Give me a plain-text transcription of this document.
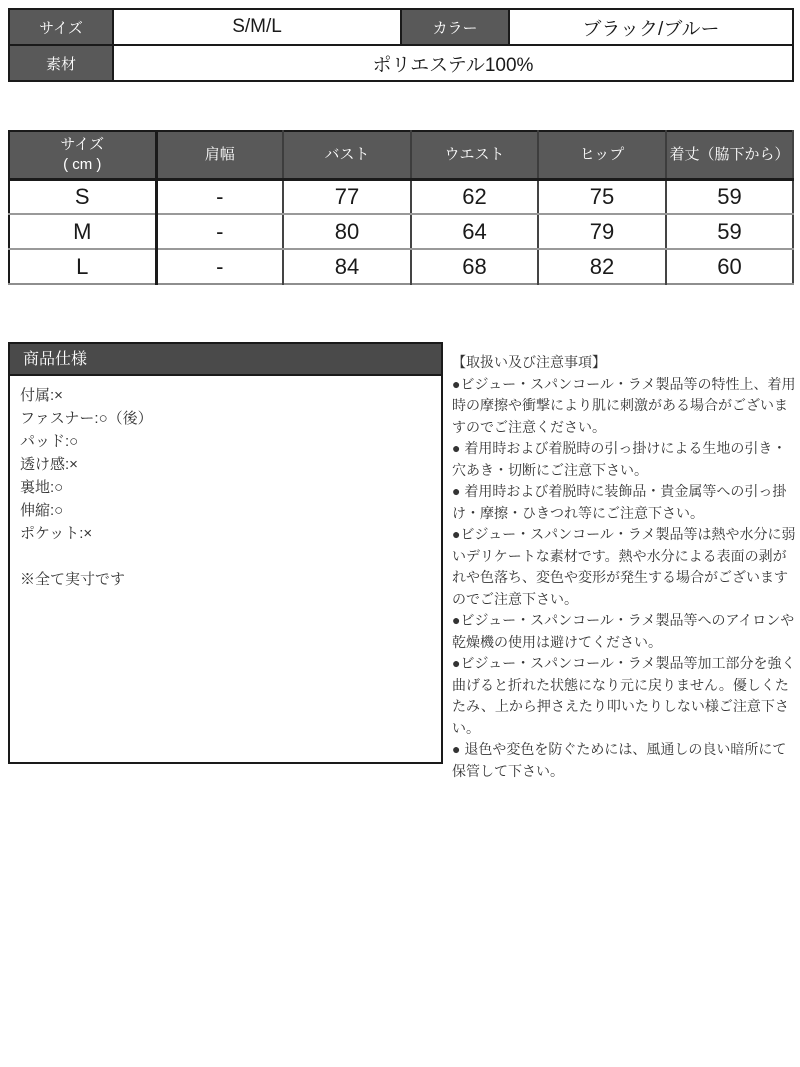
サイズ	S/M/L	カラー	ブラック/ブルー
素材	ポリエステル100%		
サイズ
( cm )	肩幅	バスト	ウエスト	ヒップ	着丈（脇下から）
S	-	77	62	75	59
M	-	80	64	79	59
L	-	84	68	82	60
商品仕様
付属:×
ファスナー:○（後）
パッド:○
透け感:×
裏地:○
伸縮:○
ポケット:×
※全て実寸です
【取扱い及び注意事項】
●ビジュー・スパンコール・ラメ製品等の特性上、着用時の摩擦や衝撃により肌に刺激がある場合がございますのでご注意ください。
● 着用時および着脱時の引っ掛けによる生地の引き・穴あき・切断にご注意下さい。
● 着用時および着脱時に装飾品・貴金属等への引っ掛け・摩擦・ひきつれ等にご注意下さい。
●ビジュー・スパンコール・ラメ製品等は熱や水分に弱いデリケートな素材です。熱や水分による表面の剥がれや色落ち、変色や変形が発生する場合がございますのでご注意下さい。
●ビジュー・スパンコール・ラメ製品等へのアイロンや乾燥機の使用は避けてください。
●ビジュー・スパンコール・ラメ製品等加工部分を強く曲げると折れた状態になり元に戻りません。優しくたたみ、上から押さえたり叩いたりしない様ご注意下さい。
● 退色や変色を防ぐためには、風通しの良い暗所にて保管して下さい。
